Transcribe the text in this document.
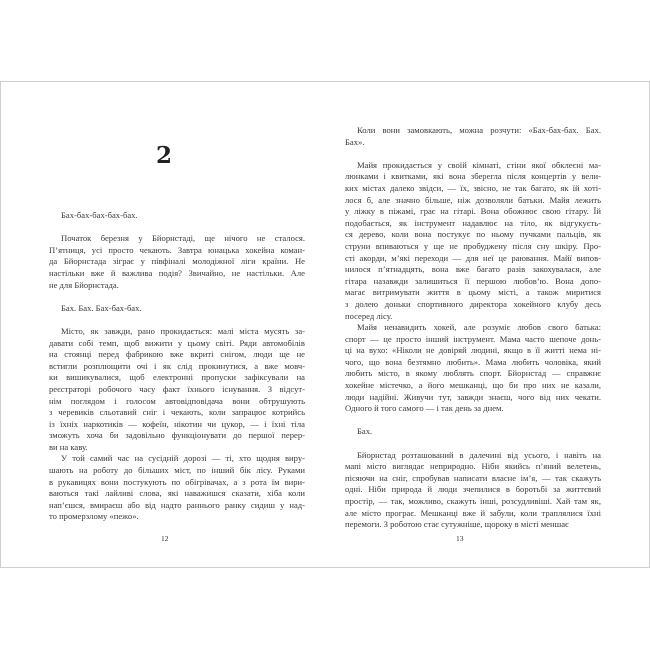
2
Бах-бах-бах-бах-бах.
Початок березня у Бйорнстаді, ще нічого не сталося.
П’ятниця, усі просто чекають. Завтра юнацька хокейна коман-
да Бйорнстада зіграє у півфіналі молодіжної ліги країни. Не
настільки вже й важлива подія? Звичайно, не настільки. Але
не для Бйорнстада.
Бах. Бах. Бах-бах-бах.
Місто, як завжди, рано прокидається: малі міста мусять за-
давати собі темп, щоб вижити у цьому світі. Ряди автомобілів
на стоянці перед фабрикою вже вкриті снігом, люди ще не
встигли розплющити очі і як слід прокинутися, а вже мовч-
ки вишикувалися, щоб електронні пропуски зафіксували на
реєстраторі робочого часу факт їхнього існування. З відсут-
нім поглядом і голосом автовідповідача вони обтрушують
з черевиків сльотавий сніг і чекають, коли запрацює котрийсь
із їхніх наркотиків — кофеїн, нікотин чи цукор, — і їхні тіла
зможуть хоча би задовільно функціонувати до першої перер-
ви на каву.
У той самий час на сусідній дорозі — ті, хто щодня виру-
шають на роботу до більших міст, по інший бік лісу. Руками
в рукавицях вони постукують по обігрівачах, а з рота їм вири-
ваються такі лайливі слова, які наважишся сказати, хіба коли
нап’єшся, вмираєш або від надто раннього ранку сидиш у над-
то промерзлому «пежо».
12
Коли вони замовкають, можна розчути: «Бах-бах-бах. Бах.
Бах».
Майя прокидається у своїй кімнаті, стіни якої обклеєні ма-
люнками і квитками, які вона зберегла після концертів у вели-
ких містах далеко звідси, — їх, звісно, не так багато, як їй хоті-
лося б, але значно більше, ніж дозволяли батьки. Майя лежить
у ліжку в піжамі, грає на гітарі. Вона обожнює свою гітару. Їй
подобається, як інструмент надавлює на тіло, як відгукуєть-
ся дерево, коли вона постукує по ньому пучками пальців, як
струни впиваються у ще не пробуджену після сну шкіру. Про-
сті акорди, м’які переходи — для неї це раювання. Майї випов-
нилося п’ятнадцять, вона вже багато разів закохувалася, але
гітара назавжди залишиться її першою любов’ю. Вона допо-
магає витримувати життя в цьому місті, а також миритися
з долею доньки спортивного директора хокейного клубу десь
посеред лісу.
Майя ненавидить хокей, але розуміє любов свого батька:
спорт — це просто інший інструмент. Мама часто шепоче донь-
ці на вухо: «Ніколи не довіряй людині, якщо в її житті нема ні-
чого, що вона безтямно любить». Мама любить чоловіка, який
любить місто, в якому люблять спорт. Бйорнстад — справжнє
хокейне містечко, а його мешканці, що би про них не казали,
люди надійні. Живучи тут, завжди знаєш, чого від них чекати.
Одного й того самого — і так день за днем.
Бах.
Бйорнстад розташований в далечині від усього, і навіть на
мапі місто виглядає неприродно. Ніби якийсь п’яний велетень,
пісяючи на сніг, спробував написати власне ім’я, — так скажуть
одні. Ніби природа й люди зчепилися в боротьбі за життєвий
простір, — так, можливо, скажуть інші, розсудливіші. Хай там як,
але місто програє. Мешканці вже й забули, коли траплялися їхні
перемоги. З роботою стає сутужніше, щороку в місті меншає
13
